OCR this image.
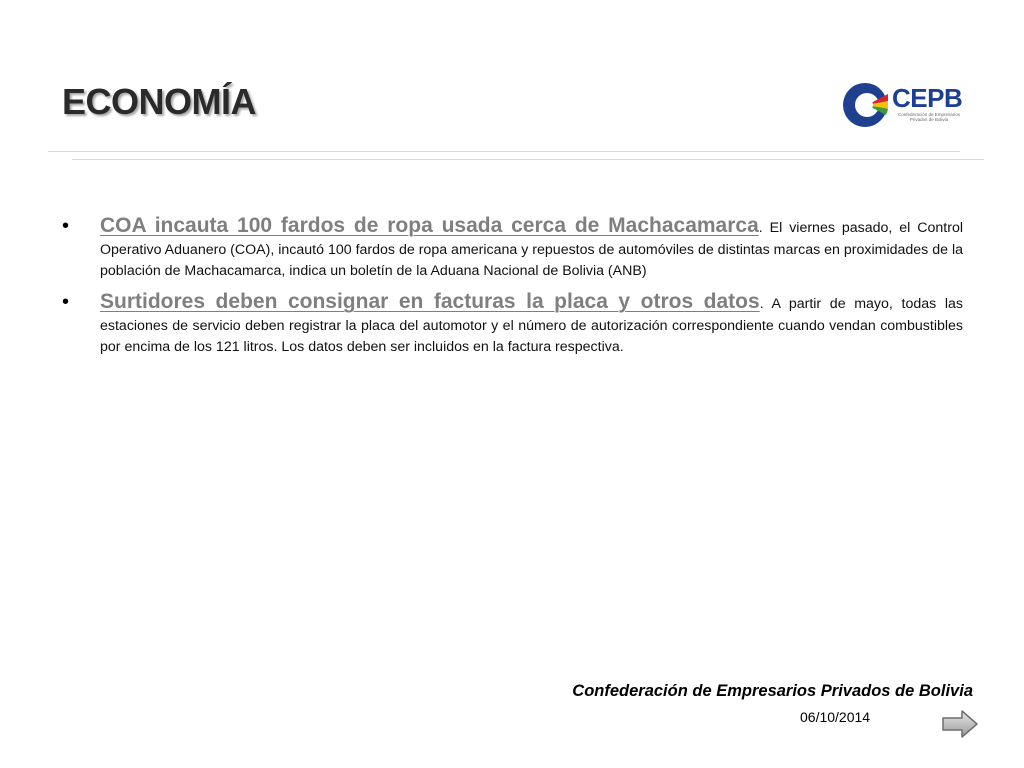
ECONOMÍA	CEPB
Confederación de Empresarios Privados de Bolivia
• COA incauta 100 fardos de ropa usada cerca de Machacamarca. El viernes pasado, el Control Operativo Aduanero (COA), incautó 100 fardos de ropa americana y repuestos de automóviles de distintas marcas en proximidades de la población de Machacamarca, indica un boletín de la Aduana Nacional de Bolivia (ANB)
• Surtidores deben consignar en facturas la placa y otros datos. A partir de mayo, todas las estaciones de servicio deben registrar la placa del automotor y el número de autorización correspondiente cuando vendan combustibles por encima de los 121 litros. Los datos deben ser incluidos en la factura respectiva.
Confederación de Empresarios Privados de Bolivia
06/10/2014
